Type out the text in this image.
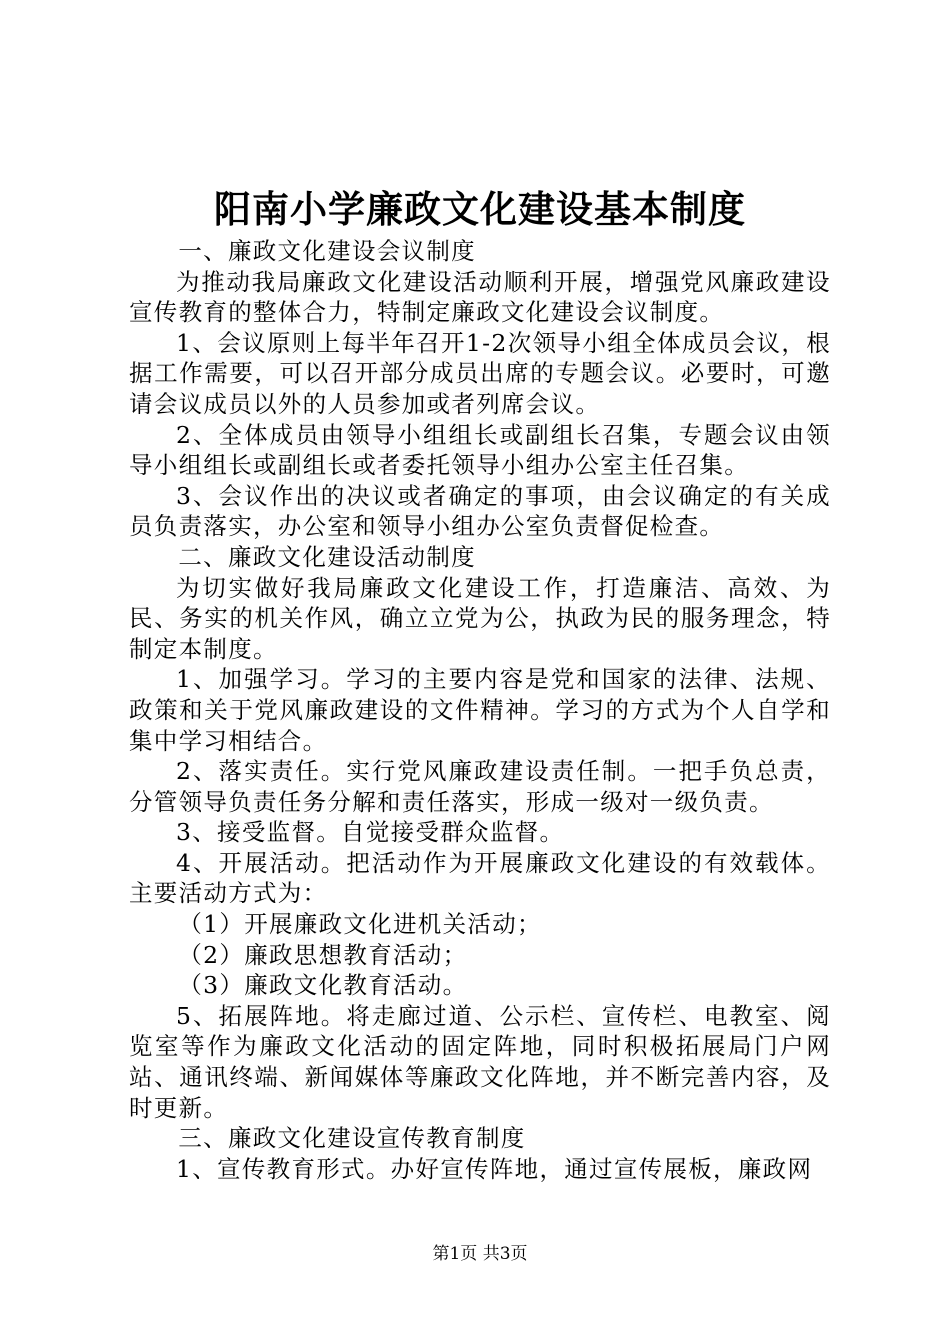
阳南小学廉政文化建设基本制度

一、廉政文化建设会议制度

为推动我局廉政文化建设活动顺利开展，增强党风廉政建设宣传教育的整体合力，特制定廉政文化建设会议制度。

1、会议原则上每半年召开1-2次领导小组全体成员会议，根据工作需要，可以召开部分成员出席的专题会议。必要时，可邀请会议成员以外的人员参加或者列席会议。

2、全体成员由领导小组组长或副组长召集，专题会议由领导小组组长或副组长或者委托领导小组办公室主任召集。

3、会议作出的决议或者确定的事项，由会议确定的有关成员负责落实，办公室和领导小组办公室负责督促检查。

二、廉政文化建设活动制度

为切实做好我局廉政文化建设工作，打造廉洁、高效、为民、务实的机关作风，确立立党为公，执政为民的服务理念，特制定本制度。

1、加强学习。学习的主要内容是党和国家的法律、法规、政策和关于党风廉政建设的文件精神。学习的方式为个人自学和集中学习相结合。

2、落实责任。实行党风廉政建设责任制。一把手负总责，分管领导负责任务分解和责任落实，形成一级对一级负责。

3、接受监督。自觉接受群众监督。

4、开展活动。把活动作为开展廉政文化建设的有效载体。主要活动方式为：

（1）开展廉政文化进机关活动；

（2）廉政思想教育活动；

（3）廉政文化教育活动。

5、拓展阵地。将走廊过道、公示栏、宣传栏、电教室、阅览室等作为廉政文化活动的固定阵地，同时积极拓展局门户网站、通讯终端、新闻媒体等廉政文化阵地，并不断完善内容，及时更新。

三、廉政文化建设宣传教育制度

1、宣传教育形式。办好宣传阵地，通过宣传展板，廉政网

第1页 共3页
